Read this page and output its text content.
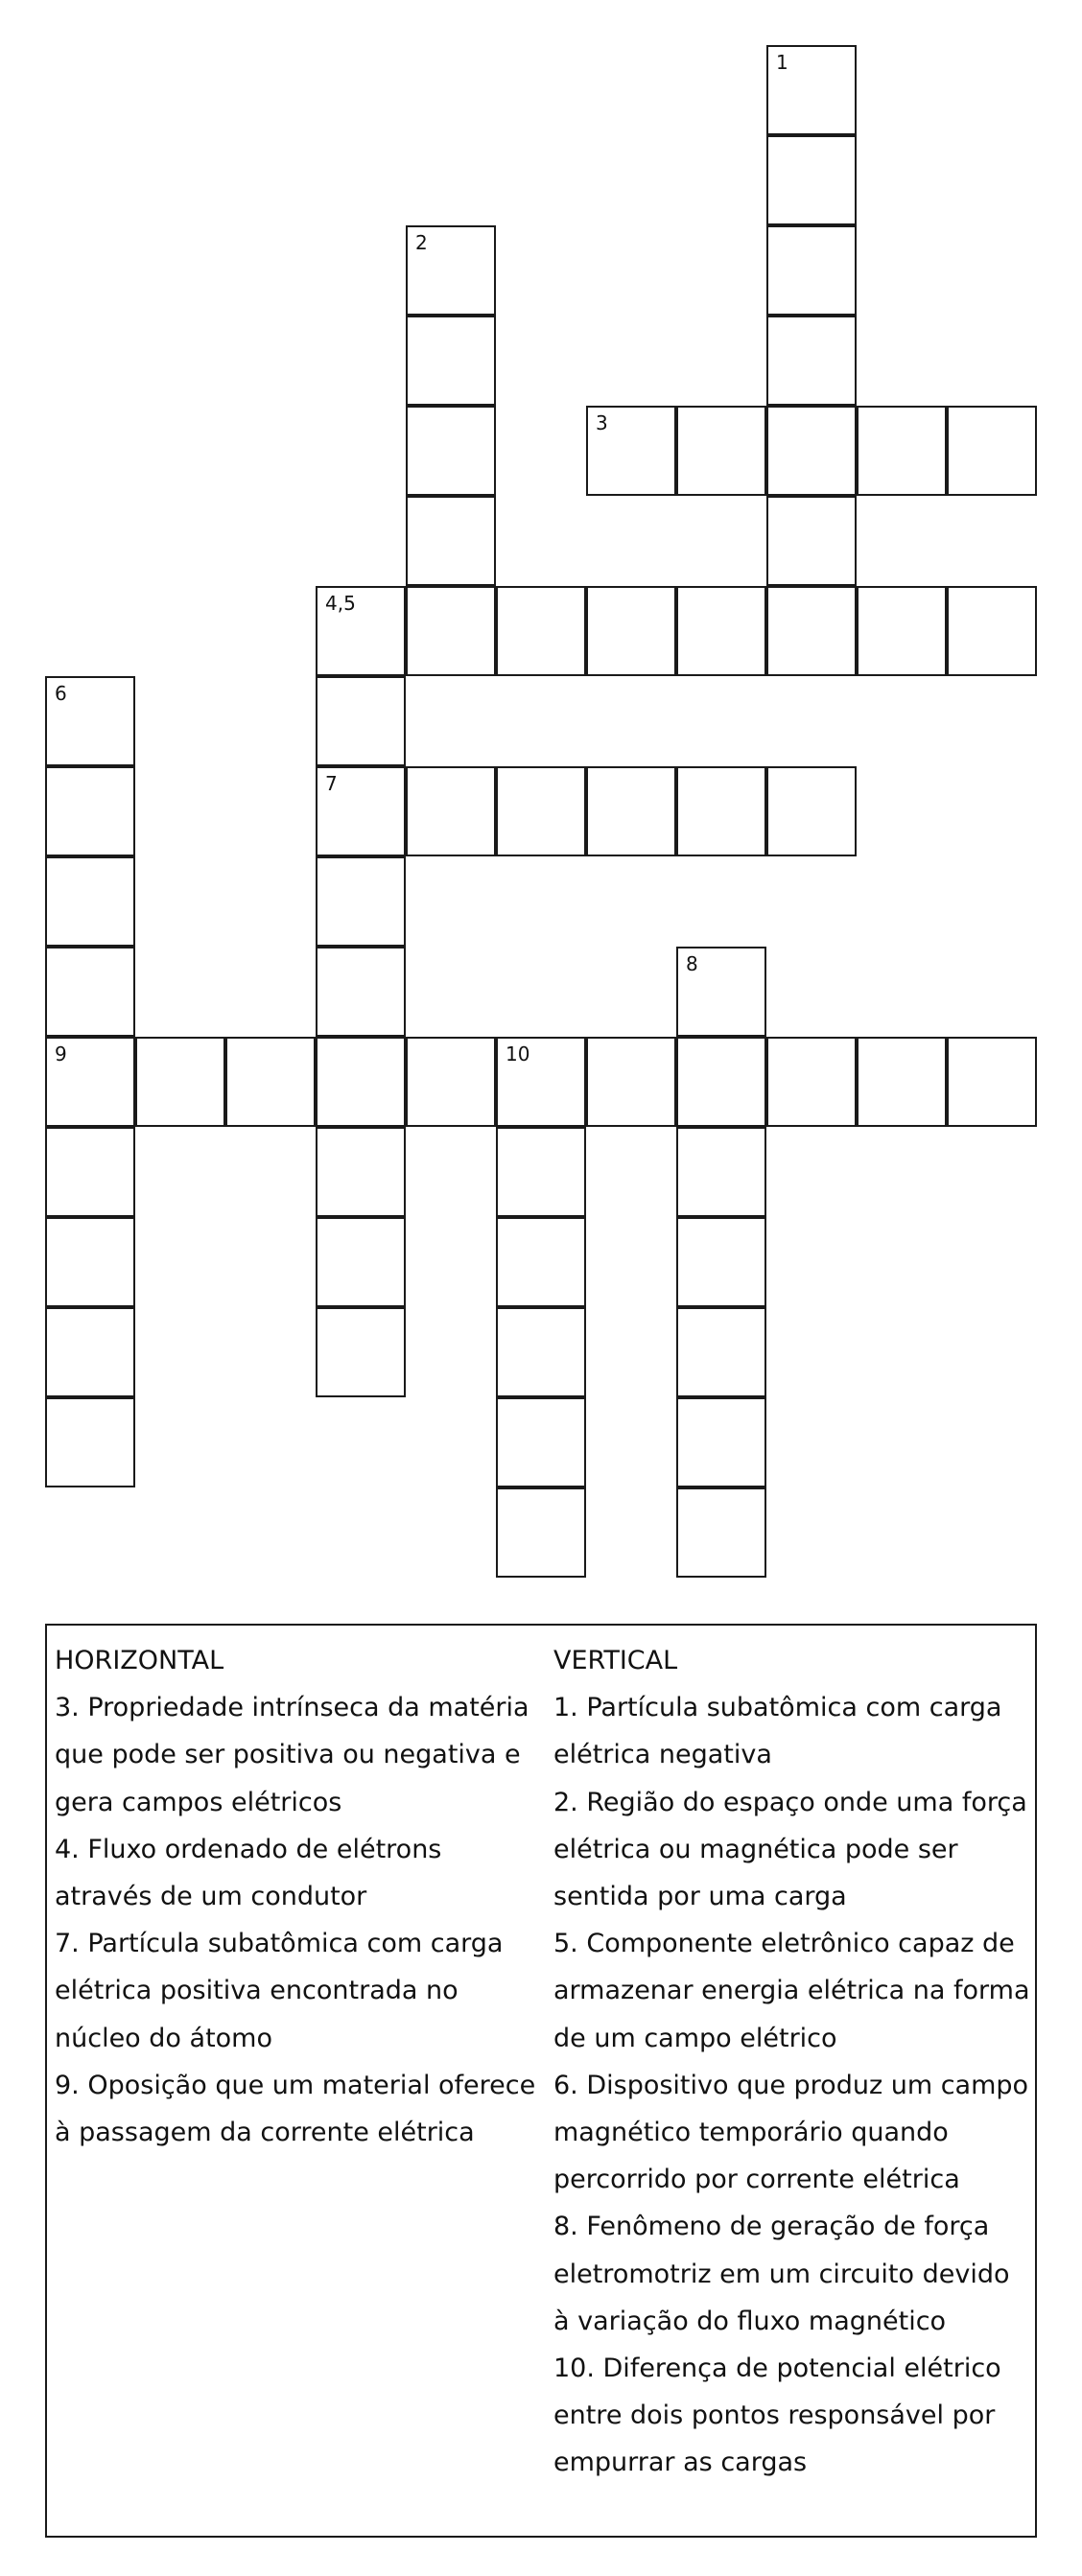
1
2
3
4,5
7
6
9
8
10

HORIZONTAL

3. Propriedade intrínseca da matéria que pode ser positiva ou negativa e gera campos elétricos

4. Fluxo ordenado de elétrons através de um condutor

7. Partícula subatômica com carga elétrica positiva encontrada no núcleo do átomo

9. Oposição que um material oferece à passagem da corrente elétrica

VERTICAL

1. Partícula subatômica com carga elétrica negativa

2. Região do espaço onde uma força elétrica ou magnética pode ser sentida por uma carga

5. Componente eletrônico capaz de armazenar energia elétrica na forma de um campo elétrico

6. Dispositivo que produz um campo magnético temporário quando percorrido por corrente elétrica

8. Fenômeno de geração de força eletromotriz em um circuito devido à variação do fluxo magnético

10. Diferença de potencial elétrico entre dois pontos responsável por empurrar as cargas
